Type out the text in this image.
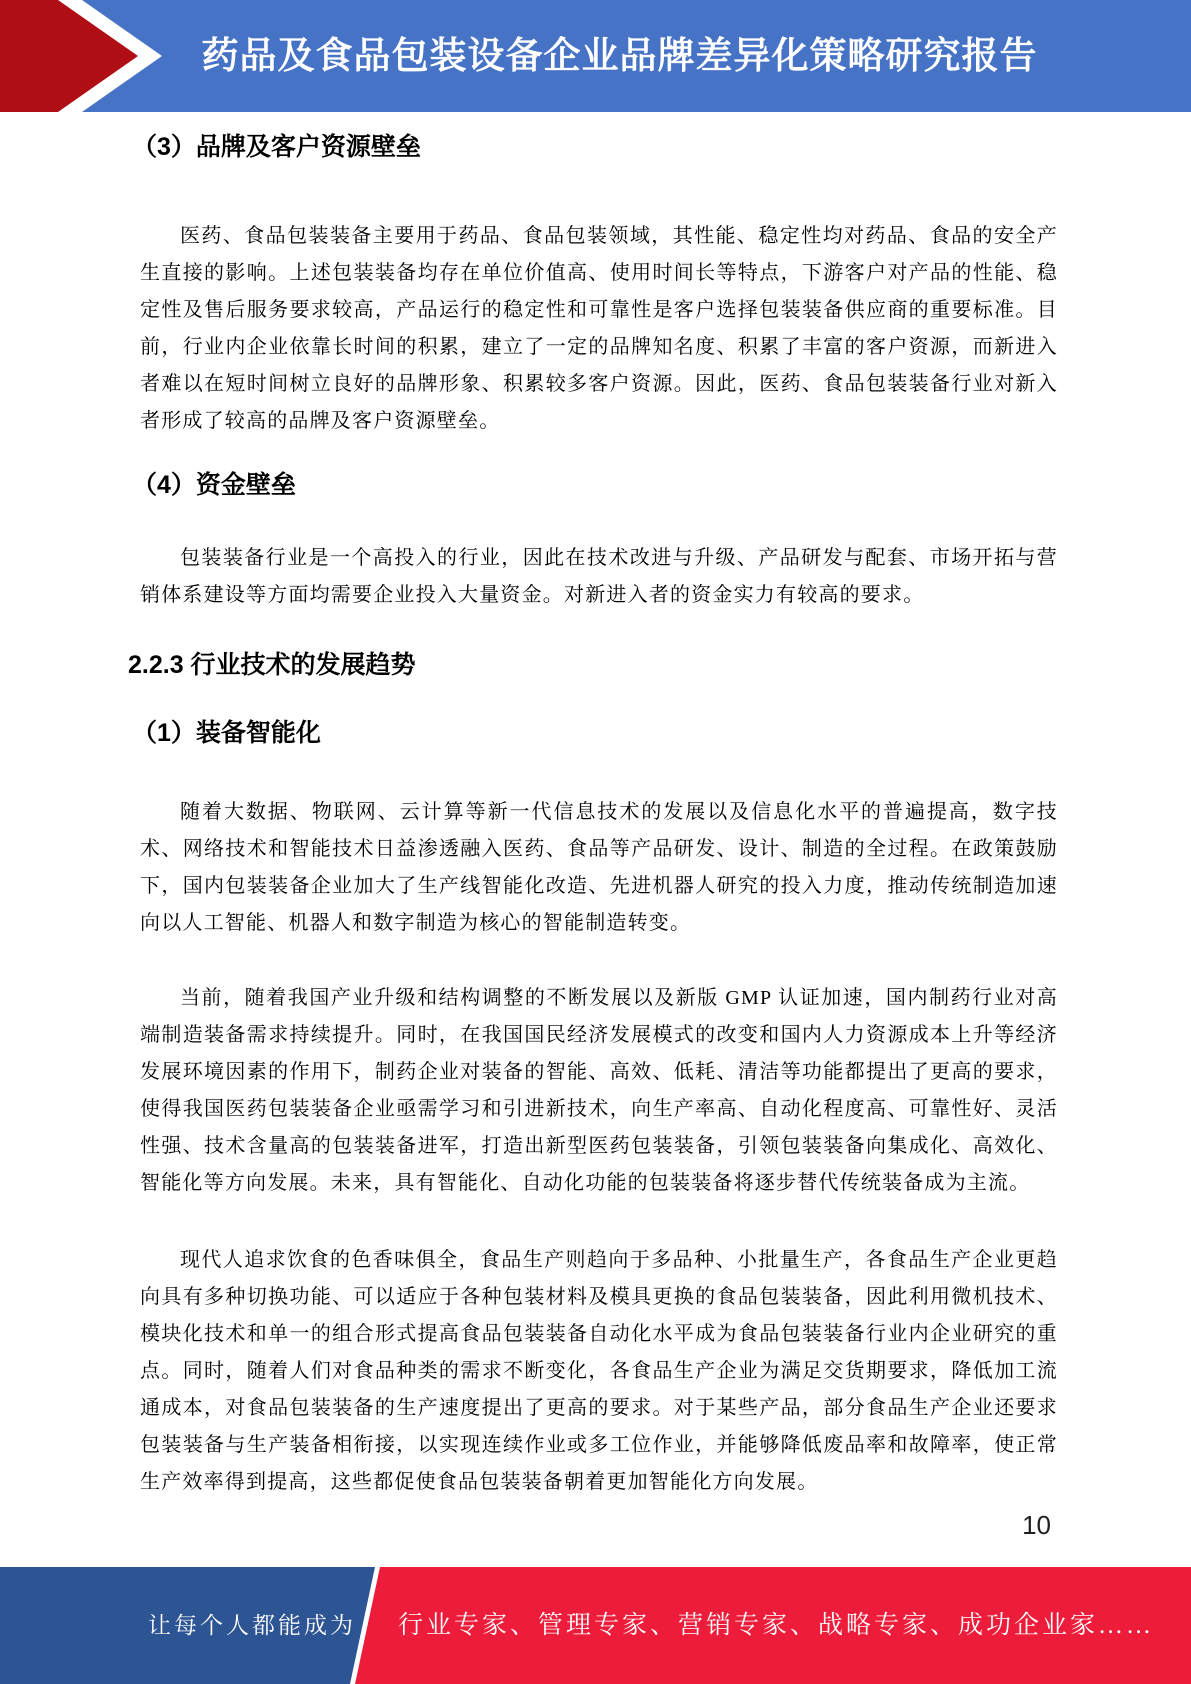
药品及食品包装设备企业品牌差异化策略研究报告
（3）品牌及客户资源壁垒

医药、食品包装装备主要用于药品、食品包装领域，其性能、稳定性均对药品、食品的安全产生直接的影响。上述包装装备均存在单位价值高、使用时间长等特点，下游客户对产品的性能、稳定性及售后服务要求较高，产品运行的稳定性和可靠性是客户选择包装装备供应商的重要标准。目前，行业内企业依靠长时间的积累，建立了一定的品牌知名度、积累了丰富的客户资源，而新进入者难以在短时间树立良好的品牌形象、积累较多客户资源。因此，医药、食品包装装备行业对新入者形成了较高的品牌及客户资源壁垒。

（4）资金壁垒

包装装备行业是一个高投入的行业，因此在技术改进与升级、产品研发与配套、市场开拓与营销体系建设等方面均需要企业投入大量资金。对新进入者的资金实力有较高的要求。

2.2.3 行业技术的发展趋势
（1）装备智能化

随着大数据、物联网、云计算等新一代信息技术的发展以及信息化水平的普遍提高，数字技术、网络技术和智能技术日益渗透融入医药、食品等产品研发、设计、制造的全过程。在政策鼓励下，国内包装装备企业加大了生产线智能化改造、先进机器人研究的投入力度，推动传统制造加速向以人工智能、机器人和数字制造为核心的智能制造转变。

当前，随着我国产业升级和结构调整的不断发展以及新版 GMP 认证加速，国内制药行业对高端制造装备需求持续提升。同时，在我国国民经济发展模式的改变和国内人力资源成本上升等经济发展环境因素的作用下，制药企业对装备的智能、高效、低耗、清洁等功能都提出了更高的要求，使得我国医药包装装备企业亟需学习和引进新技术，向生产率高、自动化程度高、可靠性好、灵活性强、技术含量高的包装装备进军，打造出新型医药包装装备，引领包装装备向集成化、高效化、智能化等方向发展。未来，具有智能化、自动化功能的包装装备将逐步替代传统装备成为主流。

现代人追求饮食的色香味俱全，食品生产则趋向于多品种、小批量生产，各食品生产企业更趋向具有多种切换功能、可以适应于各种包装材料及模具更换的食品包装装备，因此利用微机技术、模块化技术和单一的组合形式提高食品包装装备自动化水平成为食品包装装备行业内企业研究的重点。同时，随着人们对食品种类的需求不断变化，各食品生产企业为满足交货期要求，降低加工流通成本，对食品包装装备的生产速度提出了更高的要求。对于某些产品，部分食品生产企业还要求包装装备与生产装备相衔接，以实现连续作业或多工位作业，并能够降低废品率和故障率，使正常生产效率得到提高，这些都促使食品包装装备朝着更加智能化方向发展。

10
让每个人都能成为 行业专家、管理专家、营销专家、战略专家、成功企业家……
